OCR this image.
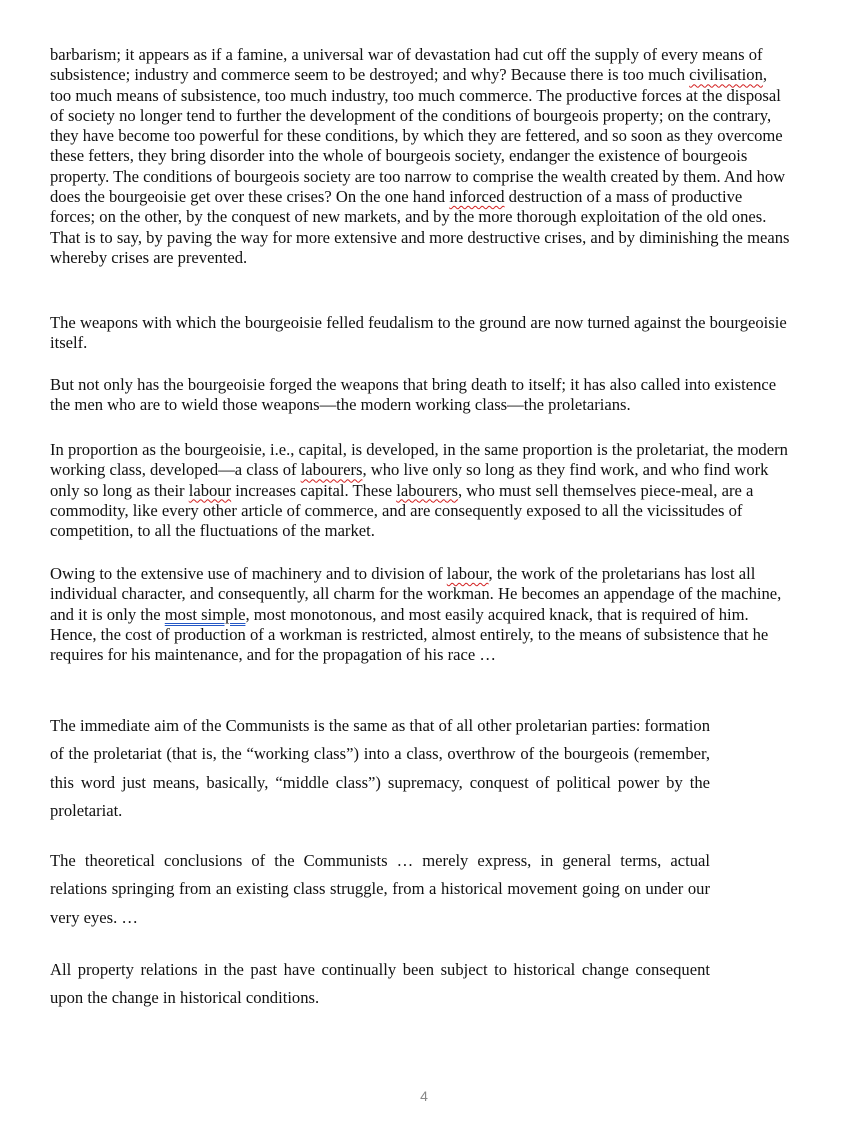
barbarism; it appears as if a famine, a universal war of devastation had cut off the supply of every means of subsistence; industry and commerce seem to be destroyed; and why? Because there is too much civilisation, too much means of subsistence, too much industry, too much commerce. The productive forces at the disposal of society no longer tend to further the development of the conditions of bourgeois property; on the contrary, they have become too powerful for these conditions, by which they are fettered, and so soon as they overcome these fetters, they bring disorder into the whole of bourgeois society, endanger the existence of bourgeois property. The conditions of bourgeois society are too narrow to comprise the wealth created by them. And how does the bourgeoisie get over these crises? On the one hand inforced destruction of a mass of productive forces; on the other, by the conquest of new markets, and by the more thorough exploitation of the old ones. That is to say, by paving the way for more extensive and more destructive crises, and by diminishing the means whereby crises are prevented.

The weapons with which the bourgeoisie felled feudalism to the ground are now turned against the bourgeoisie itself.

But not only has the bourgeoisie forged the weapons that bring death to itself; it has also called into existence the men who are to wield those weapons—the modern working class—the proletarians.

In proportion as the bourgeoisie, i.e., capital, is developed, in the same proportion is the proletariat, the modern working class, developed—a class of labourers, who live only so long as they find work, and who find work only so long as their labour increases capital. These labourers, who must sell themselves piece-meal, are a commodity, like every other article of commerce, and are consequently exposed to all the vicissitudes of competition, to all the fluctuations of the market.

Owing to the extensive use of machinery and to division of labour, the work of the proletarians has lost all individual character, and consequently, all charm for the workman. He becomes an appendage of the machine, and it is only the most simple, most monotonous, and most easily acquired knack, that is required of him. Hence, the cost of production of a workman is restricted, almost entirely, to the means of subsistence that he requires for his maintenance, and for the propagation of his race …

The immediate aim of the Communists is the same as that of all other proletarian parties: formation of the proletariat (that is, the “working class”) into a class, overthrow of the bourgeois (remember, this word just means, basically, “middle class”) supremacy, conquest of political power by the proletariat.

The theoretical conclusions of the Communists … merely express, in general terms, actual relations springing from an existing class struggle, from a historical movement going on under our very eyes. …

All property relations in the past have continually been subject to historical change consequent upon the change in historical conditions.

4
